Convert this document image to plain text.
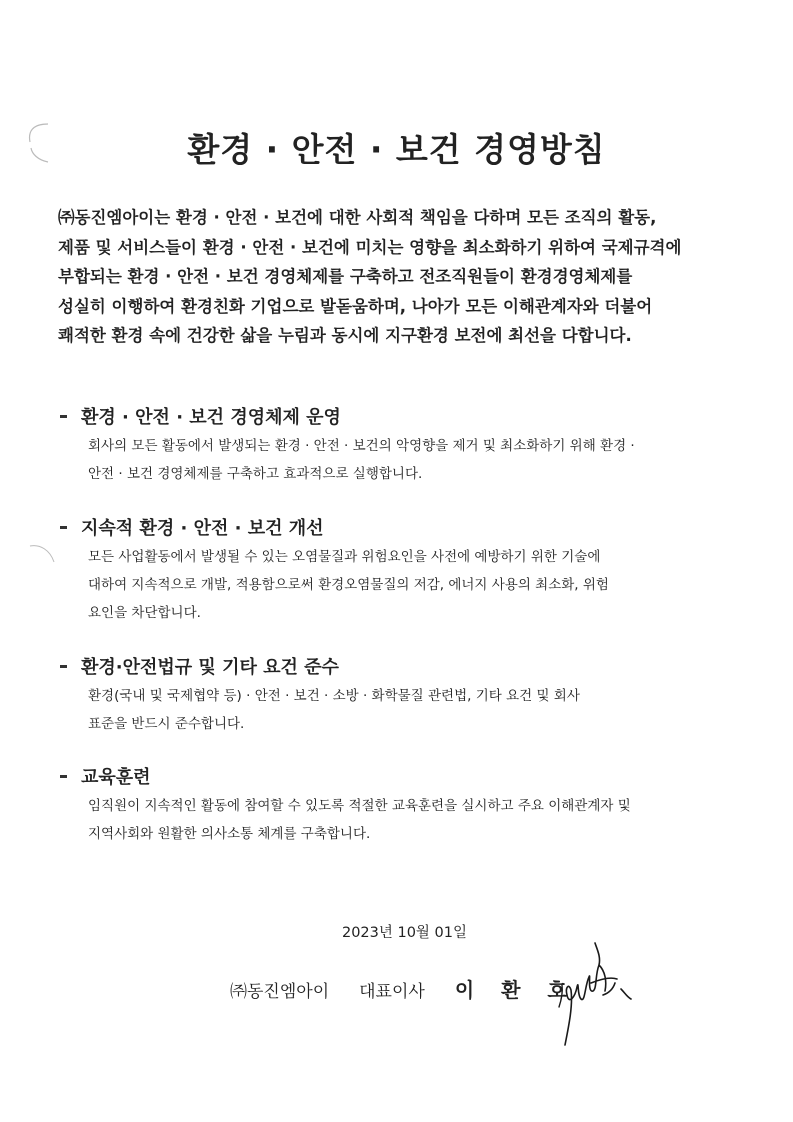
환경 · 안전 · 보건 경영방침
㈜동진엠아이는 환경 · 안전 · 보건에 대한 사회적 책임을 다하며 모든 조직의 활동,
제품 및 서비스들이 환경 · 안전 · 보건에 미치는 영향을 최소화하기 위하여 국제규격에
부합되는 환경 · 안전 · 보건 경영체제를 구축하고 전조직원들이 환경경영체제를
성실히 이행하여 환경친화 기업으로 발돋움하며, 나아가 모든 이해관계자와 더불어
쾌적한 환경 속에 건강한 삶을 누림과 동시에 지구환경 보전에 최선을 다합니다.
환경 · 안전 · 보건 경영체제 운영
회사의 모든 활동에서 발생되는 환경 · 안전 · 보건의 악영향을 제거 및 최소화하기 위해 환경 ·
안전 · 보건 경영체제를 구축하고 효과적으로 실행합니다.
지속적 환경 · 안전 · 보건 개선
모든 사업활동에서 발생될 수 있는 오염물질과 위험요인을 사전에 예방하기 위한 기술에
대하여 지속적으로 개발, 적용함으로써 환경오염물질의 저감, 에너지 사용의 최소화, 위험
요인을 차단합니다.
환경·안전법규 및 기타 요건 준수
환경(국내 및 국제협약 등) · 안전 · 보건 · 소방 · 화학물질 관련법, 기타 요건 및 회사
표준을 반드시 준수합니다.
교육훈련
임직원이 지속적인 활동에 참여할 수 있도록 적절한 교육훈련을 실시하고 주요 이해관계자 및
지역사회와 원활한 의사소통 체계를 구축합니다.
2023년 10월 01일
㈜동진엠아이 대표이사 이 환 호
